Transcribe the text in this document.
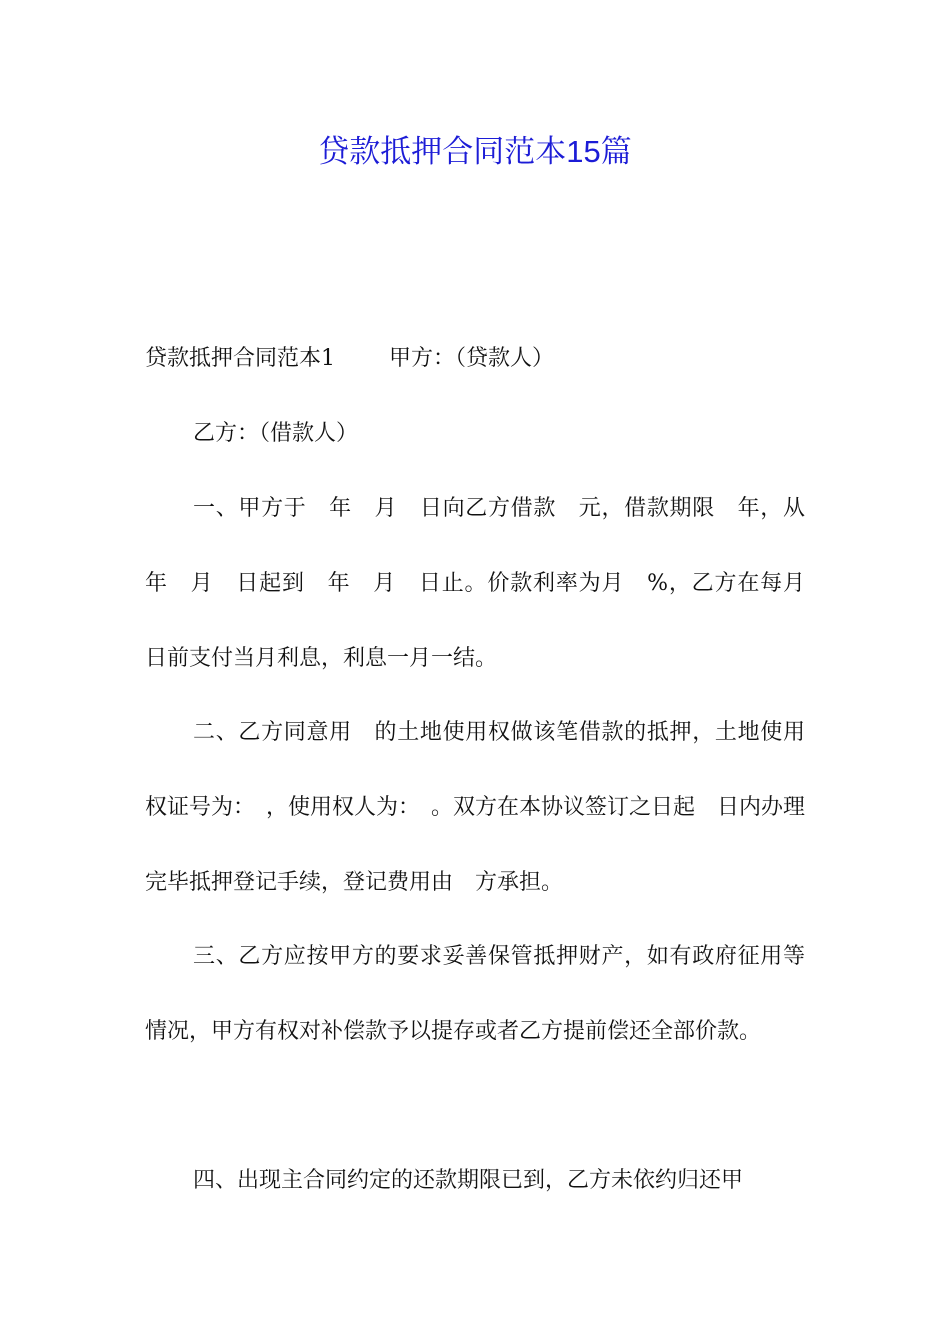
贷款抵押合同范本15篇
贷款抵押合同范本1 甲方：（贷款人）
乙方：（借款人）
一、甲方于　年　月　日向乙方借款　元，借款期限　年，从　年　月　日起到　年　月　日止。价款利率为月　%，乙方在每月　日前支付当月利息，利息一月一结。
二、乙方同意用　的土地使用权做该笔借款的抵押，土地使用权证号为：　，使用权人为：　。双方在本协议签订之日起　日内办理完毕抵押登记手续，登记费用由　方承担。
三、乙方应按甲方的要求妥善保管抵押财产，如有政府征用等情况，甲方有权对补偿款予以提存或者乙方提前偿还全部价款。
四、出现主合同约定的还款期限已到，乙方未依约归还甲
